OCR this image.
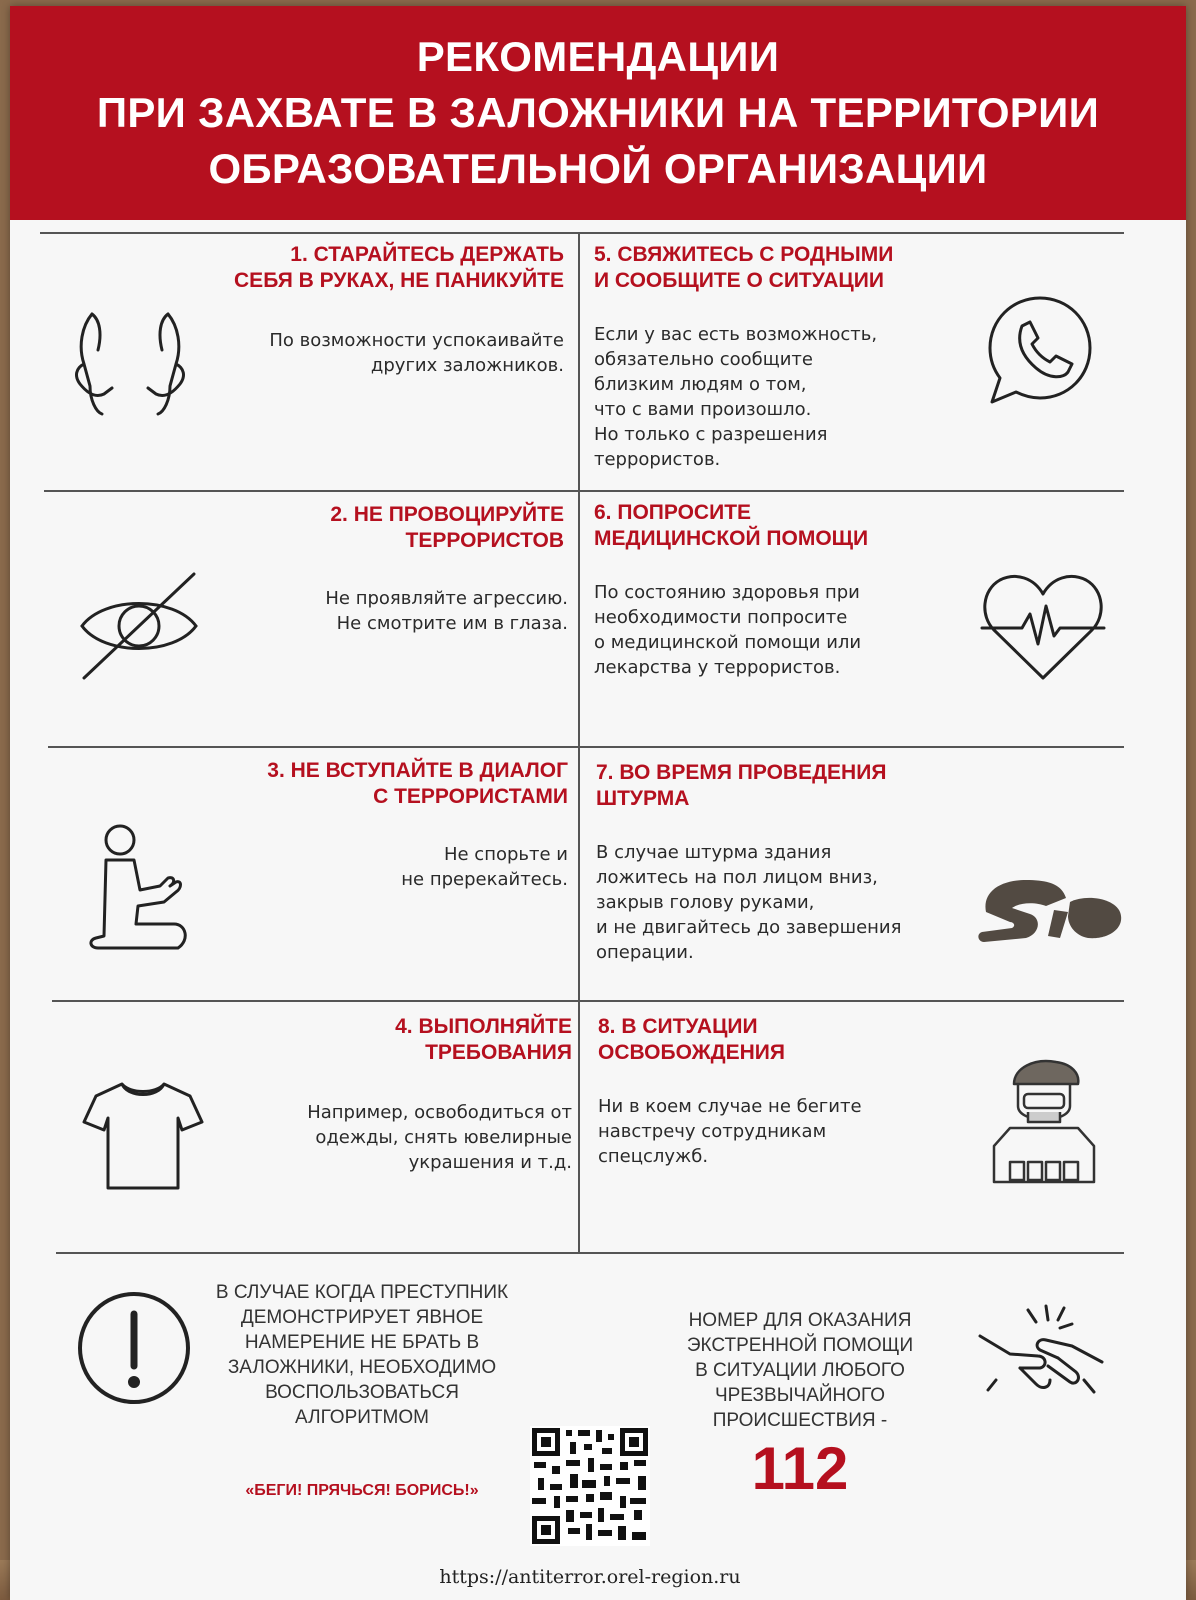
РЕКОМЕНДАЦИИ
ПРИ ЗАХВАТЕ В ЗАЛОЖНИКИ НА ТЕРРИТОРИИ
ОБРАЗОВАТЕЛЬНОЙ ОРГАНИЗАЦИИ
1. СТАРАЙТЕСЬ ДЕРЖАТЬ
СЕБЯ В РУКАХ, НЕ ПАНИКУЙТЕ
По возможности успокаивайте
других заложников.
2. НЕ ПРОВОЦИРУЙТЕ
ТЕРРОРИСТОВ
Не проявляйте агрессию.
Не смотрите им в глаза.
3. НЕ ВСТУПАЙТЕ В ДИАЛОГ
С ТЕРРОРИСТАМИ
Не спорьте и
не пререкайтесь.
4. ВЫПОЛНЯЙТЕ
ТРЕБОВАНИЯ
Например, освободиться от
одежды, снять ювелирные
украшения и т.д.
5. СВЯЖИТЕСЬ С РОДНЫМИ
И СООБЩИТЕ О СИТУАЦИИ
Если у вас есть возможность,
обязательно сообщите
близким людям о том,
что с вами произошло.
Но только с разрешения
террористов.
6. ПОПРОСИТЕ
МЕДИЦИНСКОЙ ПОМОЩИ
По состоянию здоровья при
необходимости попросите
о медицинской помощи или
лекарства у террористов.
7. ВО ВРЕМЯ ПРОВЕДЕНИЯ
ШТУРМА
В случае штурма здания
ложитесь на пол лицом вниз,
закрыв голову руками,
и не двигайтесь до завершения
операции.
8. В СИТУАЦИИ
ОСВОБОЖДЕНИЯ
Ни в коем случае не бегите
навстречу сотрудникам
спецслужб.
В СЛУЧАЕ КОГДА ПРЕСТУПНИК
ДЕМОНСТРИРУЕТ ЯВНОЕ
НАМЕРЕНИЕ НЕ БРАТЬ В
ЗАЛОЖНИКИ, НЕОБХОДИМО
ВОСПОЛЬЗОВАТЬСЯ
АЛГОРИТМОМ
«БЕГИ! ПРЯЧЬСЯ! БОРИСЬ!»
НОМЕР ДЛЯ ОКАЗАНИЯ
ЭКСТРЕННОЙ ПОМОЩИ
В СИТУАЦИИ ЛЮБОГО
ЧРЕЗВЫЧАЙНОГО
ПРОИСШЕСТВИЯ -
112
https://antiterror.orel-region.ru
